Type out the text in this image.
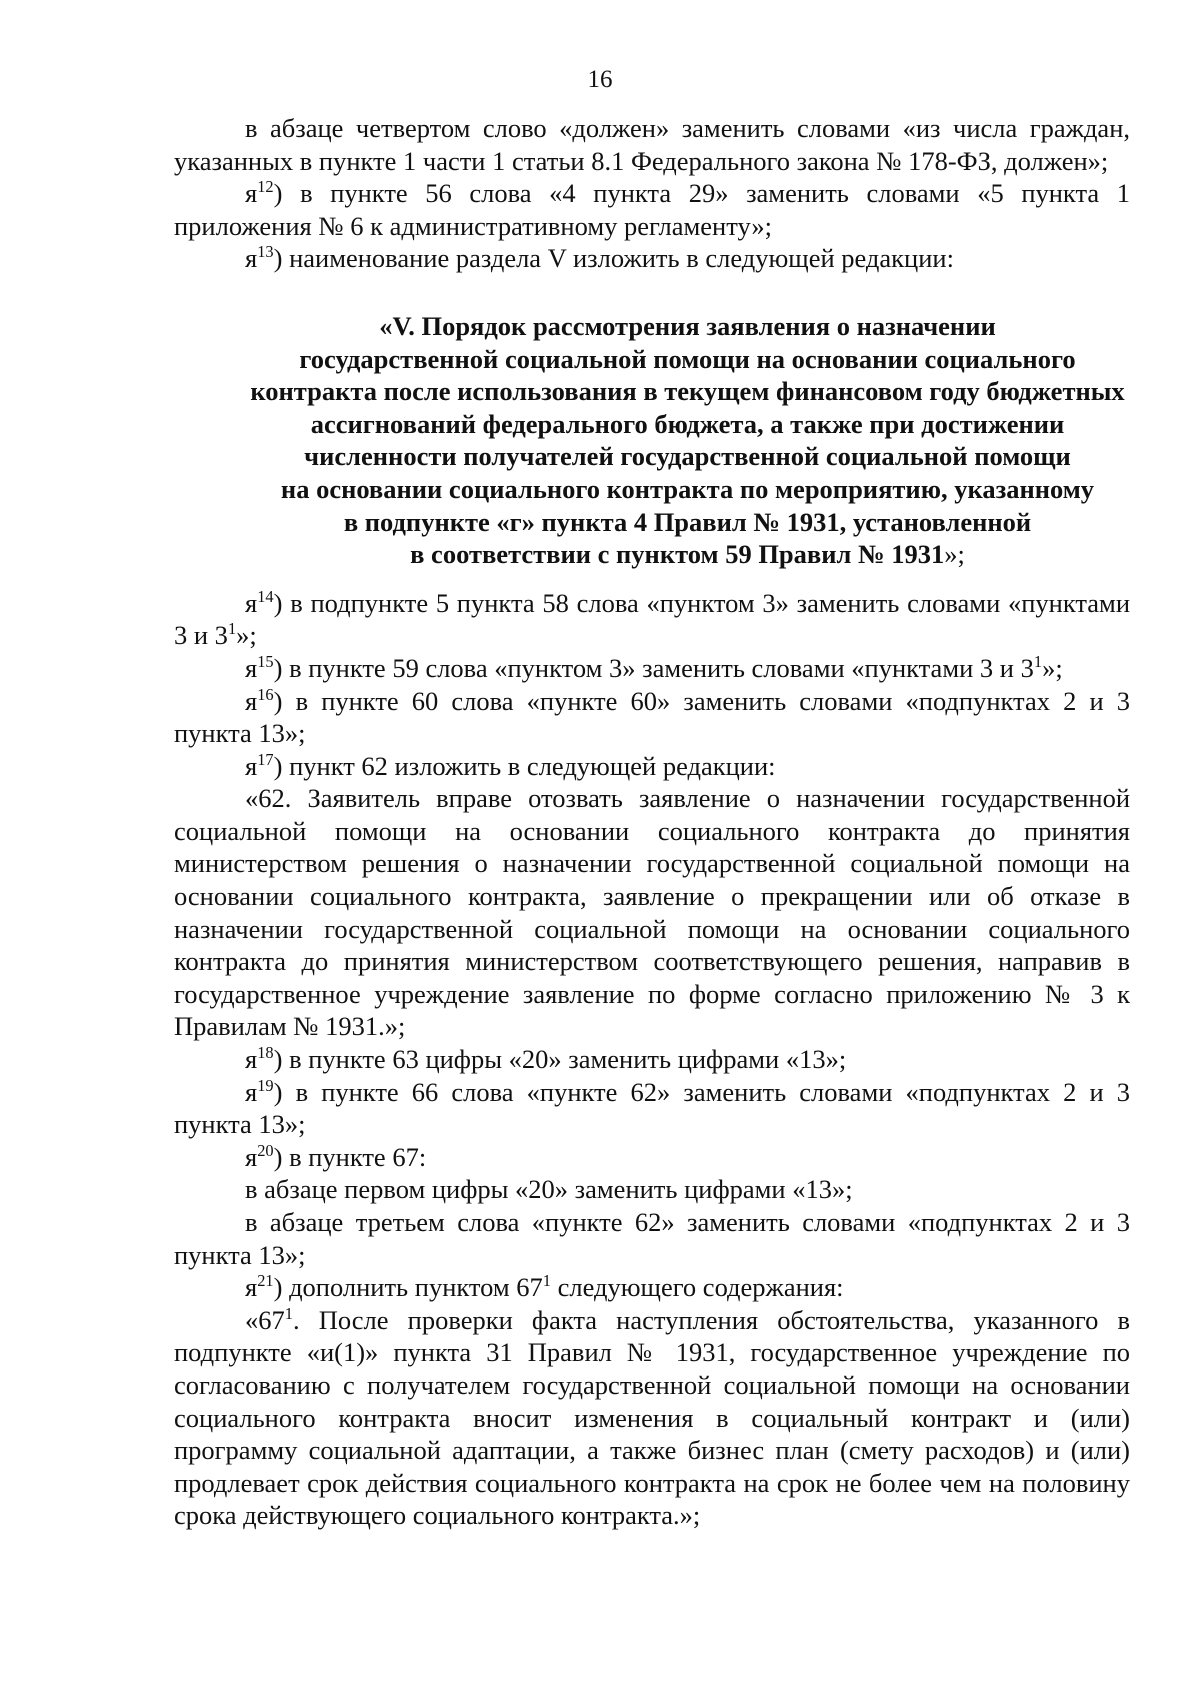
16

в абзаце четвертом слово «должен» заменить словами «из числа граждан, указанных в пункте 1 части 1 статьи 8.1 Федерального закона № 178-ФЗ, должен»;

$я^{12}$) в пункте 56 слова «4 пункта 29» заменить словами «5 пункта 1 приложения № 6 к административному регламенту»;

$я^{13}$) наименование раздела V изложить в следующей редакции:

«V. Порядок рассмотрения заявления о назначении
государственной социальной помощи на основании социального
контракта после использования в текущем финансовом году бюджетных
ассигнований федерального бюджета, а также при достижении
численности получателей государственной социальной помощи
на основании социального контракта по мероприятию, указанному
в подпункте «г» пункта 4 Правил № 1931, установленной
в соответствии с пунктом 59 Правил № 1931»;

$я^{14}$) в подпункте 5 пункта 58 слова «пунктом 3» заменить словами «пунктами 3 и $3^1$»;

$я^{15}$) в пункте 59 слова «пунктом 3» заменить словами «пунктами 3 и $3^1$»;

$я^{16}$) в пункте 60 слова «пункте 60» заменить словами «подпунктах 2 и 3 пункта 13»;

$я^{17}$) пункт 62 изложить в следующей редакции:

«62. Заявитель вправе отозвать заявление о назначении государственной социальной помощи на основании социального контракта до принятия министерством решения о назначении государственной социальной помощи на основании социального контракта, заявление о прекращении или об отказе в назначении государственной социальной помощи на основании социального контракта до принятия министерством соответствующего решения, направив в государственное учреждение заявление по форме согласно приложению № 3 к Правилам № 1931.»;

$я^{18}$) в пункте 63 цифры «20» заменить цифрами «13»;

$я^{19}$) в пункте 66 слова «пункте 62» заменить словами «подпунктах 2 и 3 пункта 13»;

$я^{20}$) в пункте 67:

в абзаце первом цифры «20» заменить цифрами «13»;

в абзаце третьем слова «пункте 62» заменить словами «подпунктах 2 и 3 пункта 13»;

$я^{21}$) дополнить пунктом $67^1$ следующего содержания:

«$67^1$. После проверки факта наступления обстоятельства, указанного в подпункте «и(1)» пункта 31 Правил № 1931, государственное учреждение по согласованию с получателем государственной социальной помощи на основании социального контракта вносит изменения в социальный контракт и (или) программу социальной адаптации, а также бизнес план (смету расходов) и (или) продлевает срок действия социального контракта на срок не более чем на половину срока действующего социального контракта.»;
